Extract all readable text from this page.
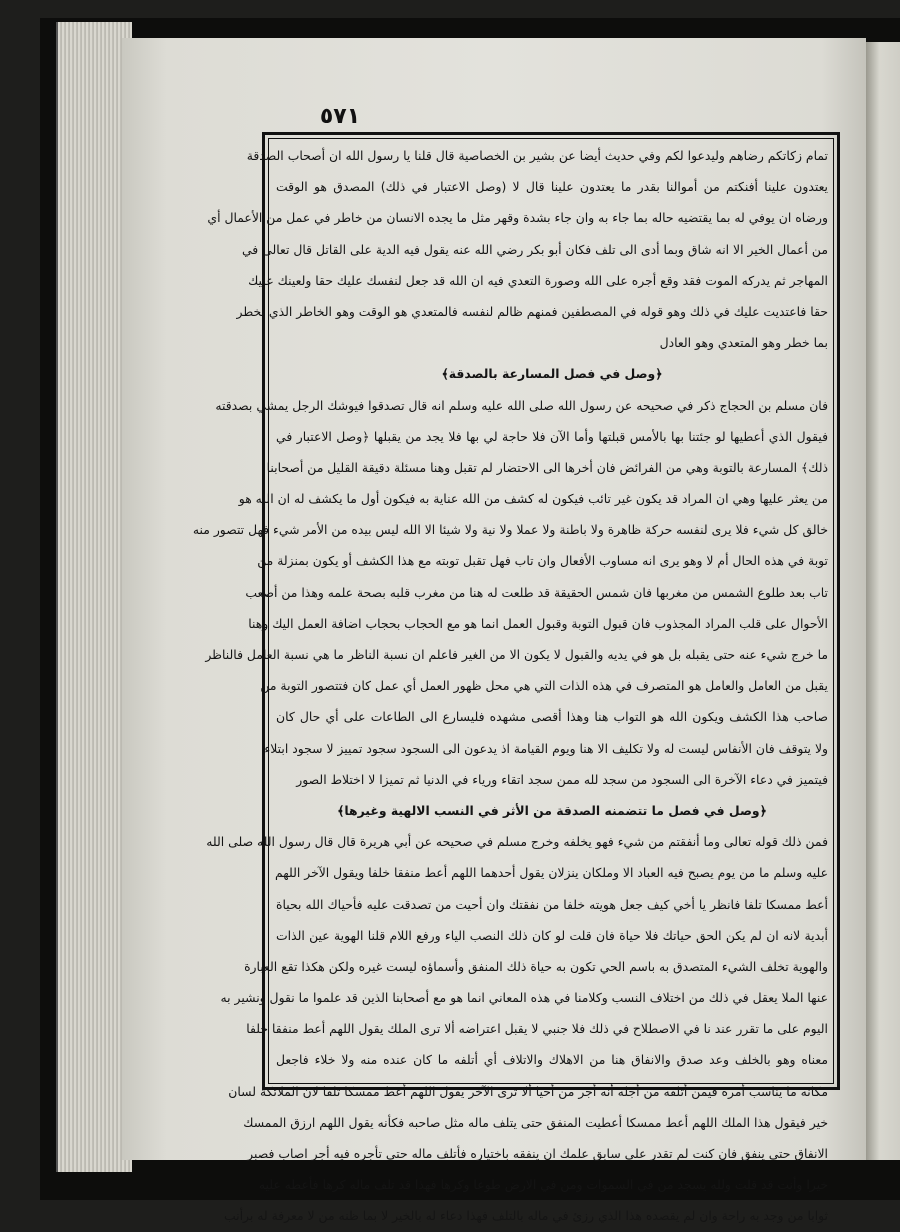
٥٧١
تمام زكاتكم رضاهم وليدعوا لكم وفي حديث أيضا عن بشير بن الخصاصية قال قلنا يا رسول الله ان أصحاب الصدقة
يعتدون علينا أفنكتم من أموالنا بقدر ما يعتدون علينا قال لا (وصل الاعتبار في ذلك) المصدق هو الوقت
ورضاه ان يوفي له بما يقتضيه حاله بما جاء به وان جاء بشدة وقهر مثل ما يجده الانسان من خاطر في عمل من الأعمال أي
من أعمال الخير الا انه شاق وبما أدى الى تلف فكان أبو بكر رضي الله عنه يقول فيه الدية على القاتل قال تعالى في
المهاجر ثم يدركه الموت فقد وقع أجره على الله وصورة التعدي فيه ان الله قد جعل لنفسك عليك حقا ولعينك عليك
حقا فاعتديت عليك في ذلك وهو قوله في المصطفين فمنهم ظالم لنفسه فالمتعدي هو الوقت وهو الخاطر الذي يخطر
بما خطر وهو المتعدي وهو العادل
﴿وصل في فصل المسارعة بالصدقة﴾
فان مسلم بن الحجاج ذكر في صحيحه عن رسول الله صلى الله عليه وسلم انه قال تصدقوا فيوشك الرجل يمشي بصدقته
فيقول الذي أعطيها لو جئتنا بها بالأمس قبلتها وأما الآن فلا حاجة لي بها فلا يجد من يقبلها ﴿وصل الاعتبار في
ذلك﴾ المسارعة بالتوبة وهي من الفرائض فان أخرها الى الاحتضار لم تقبل وهنا مسئلة دقيقة القليل من أصحابنا
من يعثر عليها وهي ان المراد قد يكون غير تائب فيكون له كشف من الله عناية به فيكون أول ما يكشف له ان الله هو
خالق كل شيء فلا يرى لنفسه حركة ظاهرة ولا باطنة ولا عملا ولا نية ولا شيئا الا الله ليس بيده من الأمر شيء فهل تتصور منه
توبة في هذه الحال أم لا وهو يرى انه مساوب الأفعال وان تاب فهل تقبل توبته مع هذا الكشف أو يكون بمنزلة من
تاب بعد طلوع الشمس من مغربها فان شمس الحقيقة قد طلعت له هنا من مغرب قلبه بصحة علمه وهذا من أصعب
الأحوال على قلب المراد المجذوب فان قبول التوبة وقبول العمل انما هو مع الحجاب بحجاب اضافة العمل اليك وهنا
ما خرج شيء عنه حتى يقبله بل هو في يديه والقبول لا يكون الا من الغير فاعلم ان نسبة الناظر ما هي نسبة العامل فالناظر
يقبل من العامل والعامل هو المتصرف في هذه الذات التي هي محل ظهور العمل أي عمل كان فتتصور التوبة من
صاحب هذا الكشف ويكون الله هو التواب هنا وهذا أقصى مشهده فليسارع الى الطاعات على أي حال كان
ولا يتوقف فان الأنفاس ليست له ولا تكليف الا هنا ويوم القيامة اذ يدعون الى السجود سجود تمييز لا سجود ابتلاء
فيتميز في دعاء الآخرة الى السجود من سجد لله ممن سجد اتقاء ورياء في الدنيا ثم تميزا لا اختلاط الصور
﴿وصل في فصل ما تتضمنه الصدقة من الأثر في النسب الالهية وغيرها﴾
فمن ذلك قوله تعالى وما أنفقتم من شيء فهو يخلفه وخرج مسلم في صحيحه عن أبي هريرة قال قال رسول الله صلى الله
عليه وسلم ما من يوم يصبح فيه العباد الا وملكان ينزلان يقول أحدهما اللهم أعط منفقا خلفا ويقول الآخر اللهم
أعط ممسكا تلفا فانظر يا أخي كيف جعل هويته خلفا من نفقتك وان أحيت من تصدقت عليه فأحياك الله بحياة
أبدية لانه ان لم يكن الحق حياتك فلا حياة فان قلت لو كان ذلك النصب الياء ورفع اللام قلنا الهوية عين الذات
والهوية تخلف الشيء المتصدق به باسم الحي تكون به حياة ذلك المنفق وأسماؤه ليست غيره ولكن هكذا تقع العبارة
عنها الملا يعقل في ذلك من اختلاف النسب وكلامنا في هذه المعاني انما هو مع أصحابنا الذين قد علموا ما نقول ونشير به
اليوم على ما تقرر عند نا في الاصطلاح في ذلك فلا جنبي لا يقبل اعتراضه ألا ترى الملك يقول اللهم أعط منفقا خلفا
معناه وهو بالخلف وعد صدق والانفاق هنا من الاهلاك والاتلاف أي أتلفه ما كان عنده منه ولا خلاء فاجعل
مكانه ما يناسب أمره فيمن أتلفه من أجله أنه أجر من أحيا ألا ترى الآخر يقول اللهم أعط ممسكا تلفا لان الملائكة لسان
خير فيقول هذا الملك اللهم أعط ممسكا أعطيت المنفق حتى يتلف ماله مثل صاحبه فكأنه يقول اللهم ارزق الممسك
الانفاق حتى ينفق فان كنت لم تقدر على سابق علمك ان ينفقه باختياره فأتلف ماله حتى تأجره فيه أجر اصاب فصبر
خيرا وأنت قد قلت ولله يسجد من في السموات ومن في الارض طوعا وكرها فهذا قد تلف ماله كرها فأعطه عليه
ثوابا من وجد به راحة وان لم يقصده هذا الذي رزئ في ماله بالتلف فهذا دعاء له بالخير لا بما ظنه من لا معرفة له برأنب
